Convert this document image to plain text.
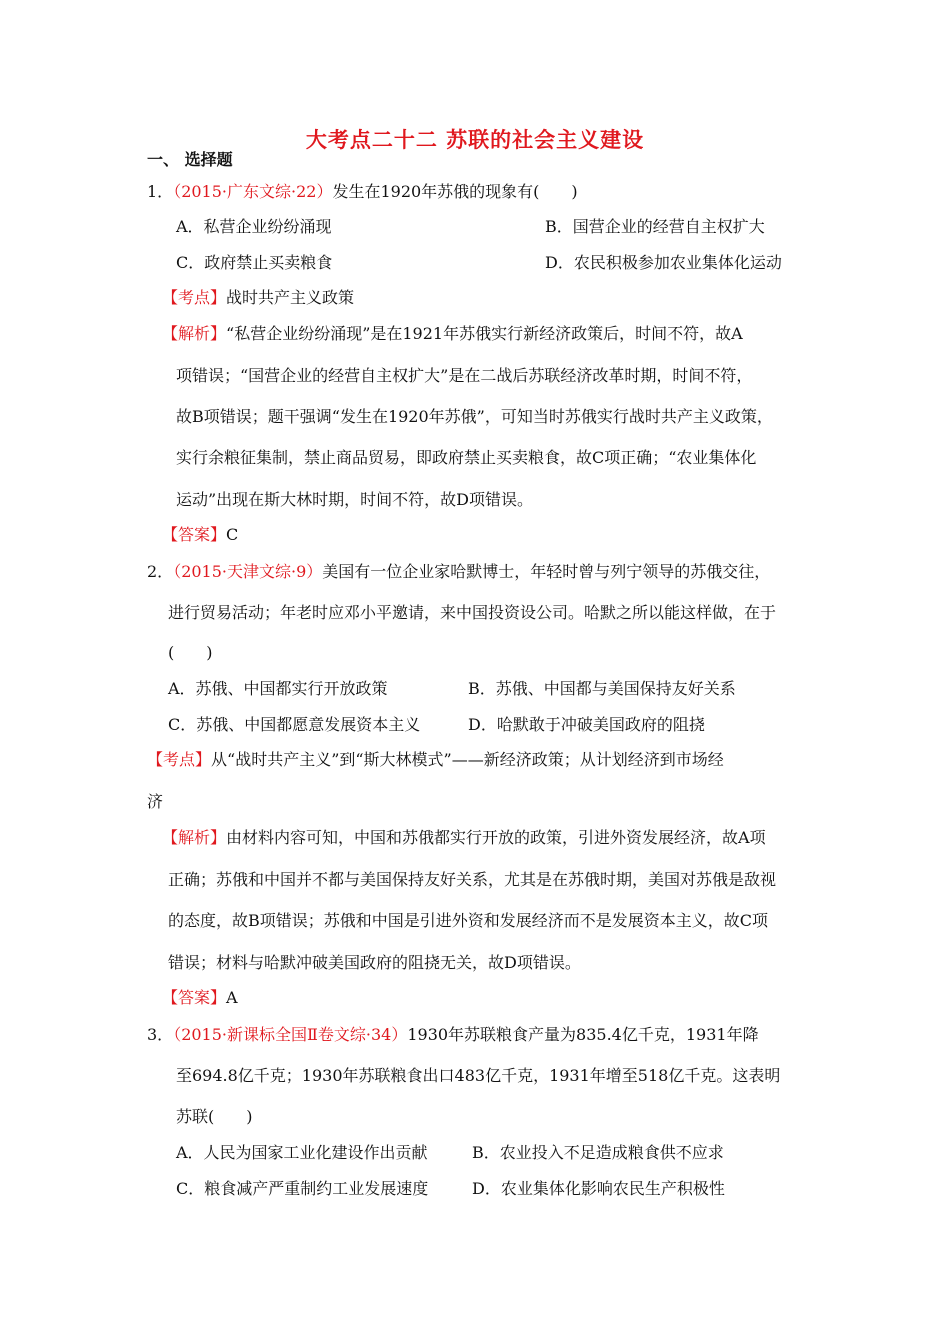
大考点二十二 苏联的社会主义建设
一、 选择题
1．（2015·广东文综·22）发生在1920年苏俄的现象有(　　)
A．私营企业纷纷涌现	B．国营企业的经营自主权扩大
C．政府禁止买卖粮食	D．农民积极参加农业集体化运动
【考点】战时共产主义政策
【解析】“私营企业纷纷涌现”是在1921年苏俄实行新经济政策后，时间不符，故A
项错误；“国营企业的经营自主权扩大”是在二战后苏联经济改革时期，时间不符，
故B项错误；题干强调“发生在1920年苏俄”，可知当时苏俄实行战时共产主义政策，
实行余粮征集制，禁止商品贸易，即政府禁止买卖粮食，故C项正确；“农业集体化
运动”出现在斯大林时期，时间不符，故D项错误。
【答案】C
2．（2015·天津文综·9）美国有一位企业家哈默博士，年轻时曾与列宁领导的苏俄交往，
进行贸易活动；年老时应邓小平邀请，来中国投资设公司。哈默之所以能这样做，在于
(　　)
A．苏俄、中国都实行开放政策	B．苏俄、中国都与美国保持友好关系
C．苏俄、中国都愿意发展资本主义	D．哈默敢于冲破美国政府的阻挠
【考点】从“战时共产主义”到“斯大林模式”——新经济政策；从计划经济到市场经
济
【解析】由材料内容可知，中国和苏俄都实行开放的政策，引进外资发展经济，故A项
正确；苏俄和中国并不都与美国保持友好关系，尤其是在苏俄时期，美国对苏俄是敌视
的态度，故B项错误；苏俄和中国是引进外资和发展经济而不是发展资本主义，故C项
错误；材料与哈默冲破美国政府的阻挠无关，故D项错误。
【答案】A
3．（2015·新课标全国Ⅱ卷文综·34）1930年苏联粮食产量为835.4亿千克，1931年降
至694.8亿千克；1930年苏联粮食出口483亿千克，1931年增至518亿千克。这表明
苏联(　　)
A．人民为国家工业化建设作出贡献	B．农业投入不足造成粮食供不应求
C．粮食减产严重制约工业发展速度	D．农业集体化影响农民生产积极性
